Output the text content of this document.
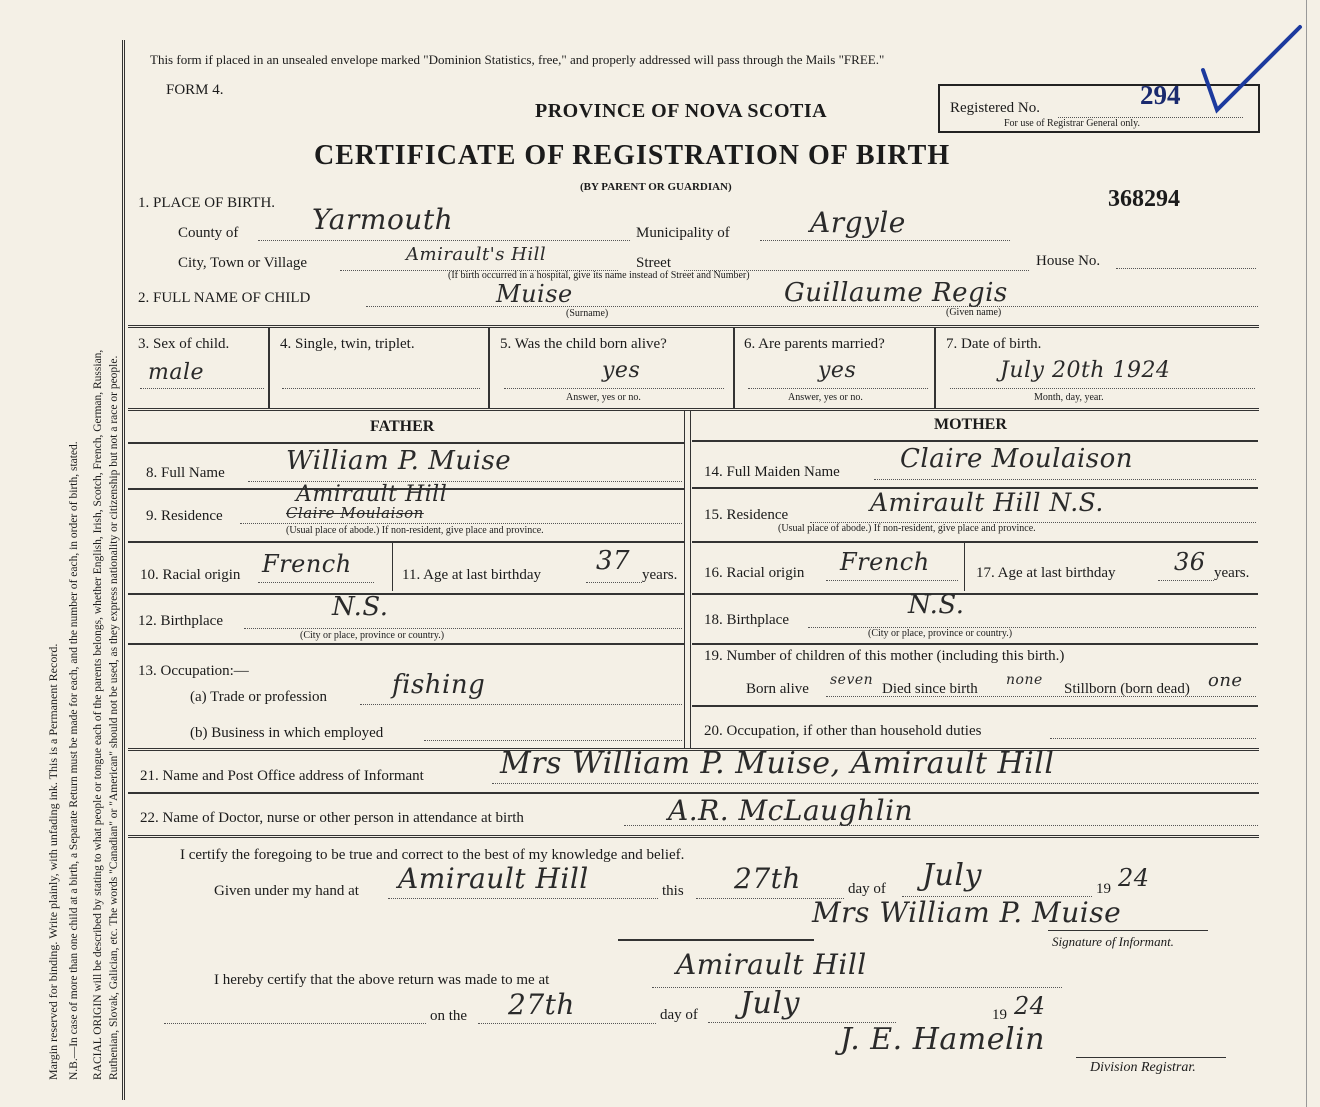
Margin reserved for binding. Write plainly, with unfading ink. This is a Permanent Record. N.B.—In case of more than one child at a birth, a Separate Return must be made for each, and the number of each, in order of birth, stated. RACIAL ORIGIN will be described by stating to what people or tongue each of the parents belongs, whether English, Irish, Scotch, French, German, Russian, Ruthenian, Slovak, Galician, etc. The words "Canadian" or "American" should not be used, as they express nationality or citizenship but not a race or people.
This form if placed in an unsealed envelope marked "Dominion Statistics, free," and properly addressed will pass through the Mails "FREE."
FORM 4.
PROVINCE OF NOVA SCOTIA	Registered No.	294
For use of Registrar General only.
CERTIFICATE OF REGISTRATION OF BIRTH
(BY PARENT OR GUARDIAN)	368294
1. PLACE OF BIRTH.
County of	Yarmouth	Municipality of	Argyle
City, Town or Village	Amirault's Hill	Street	House No.
(If birth occurred in a hospital, give its name instead of Street and Number)
2. FULL NAME OF CHILD	Muise
(Surname)
Guillaume Regis
(Given name)
3. Sex of child.
male
4. Single, twin, triplet.	5. Was the child born alive?
yes
Answer, yes or no.
6. Are parents married?
yes
Answer, yes or no.
7. Date of birth.
July 20th 1924
Month, day, year.
FATHER
8. Full Name William P. Muise
9. Residence
Amirault Hill
Claire Moulaison
(Usual place of abode.) If non-resident, give place and province.
10. Racial origin French	11. Age at last birthday 37 years.
12. Birthplace	N.S.
(City or place, province or country.)
13. Occupation:—
(a) Trade or profession fishing
(b) Business in which employed
MOTHER
14. Full Maiden Name Claire Moulaison
15. Residence	Amirault Hill N.S.
(Usual place of abode.) If non-resident, give place and province.
16. Racial origin French	17. Age at last birthday 36 years.
18. Birthplace	N.S.
(City or place, province or country.)
19. Number of children of this mother (including this birth.)
Born alive
seven
Died since birth
none
Stillborn (born dead) one
20. Occupation, if other than household duties
21. Name and Post Office address of Informant	Mrs William P. Muise, Amirault Hill
22. Name of Doctor, nurse or other person in attendance at birth	A.R. McLaughlin
I certify the foregoing to be true and correct to the best of my knowledge and belief.
Given under my hand at Amirault Hill	this 27th	day of July	19 24
Mrs William P. Muise
Signature of Informant.
I hereby certify that the above return was made to me at	Amirault Hill
on the 27th	day of July	19 24
J. E. Hamelin
Division Registrar.
